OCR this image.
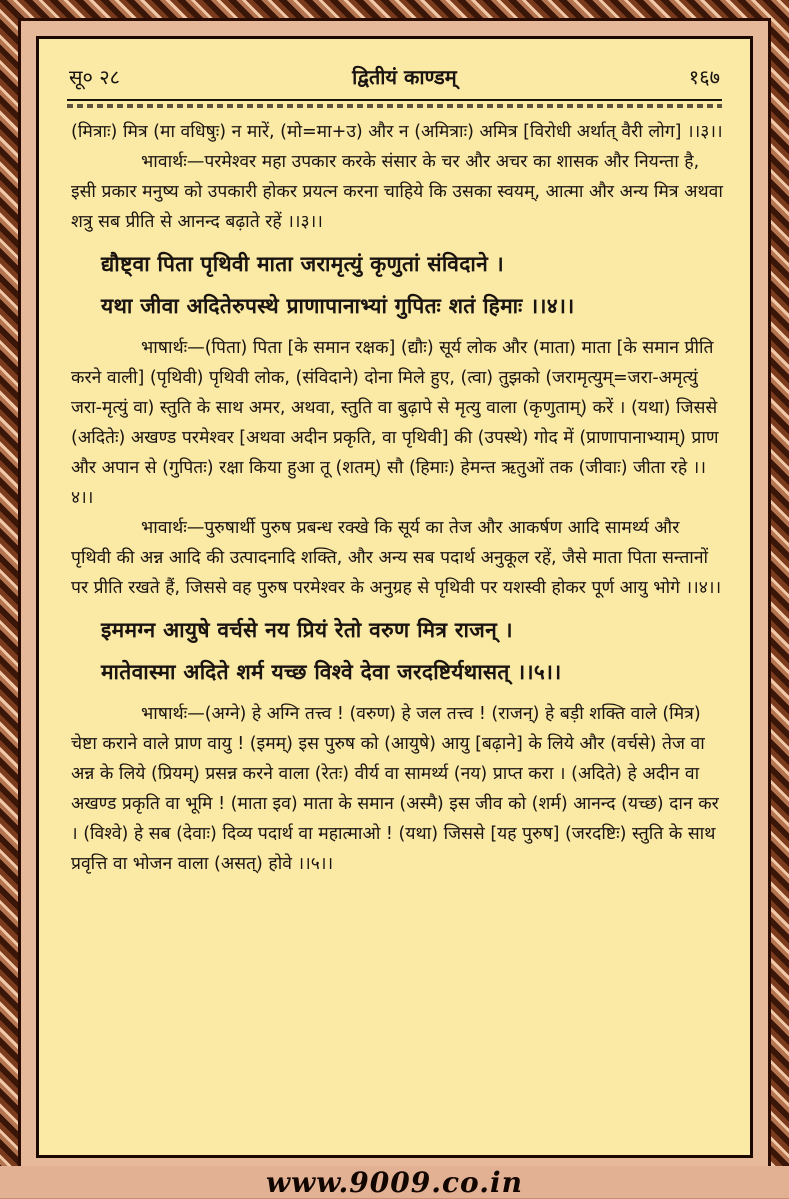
सू० २८	द्वितीयं काण्डम्	१६७

(मित्राः) मित्र (मा वधिषुः) न मारें, (मो=मा+उ) और न (अमित्राः) अमित्र [विरोधी अर्थात् वैरी लोग] ।।३।।

भावार्थः—परमेश्वर महा उपकार करके संसार के चर और अचर का शासक और नियन्ता है, इसी प्रकार मनुष्य को उपकारी होकर प्रयत्न करना चाहिये कि उसका स्वयम्, आत्मा और अन्य मित्र अथवा शत्रु सब प्रीति से आनन्द बढ़ाते रहें ।।३।।

द्यौष्ट्वा पिता पृथिवी माता जरामृत्युं कृणुतां संविदाने ।

यथा जीवा अदितेरुपस्थे प्राणापानाभ्यां गुपितः शतं हिमाः ।।४।।

भाषार्थः—(पिता) पिता [के समान रक्षक] (द्यौः) सूर्य लोक और (माता) माता [के समान प्रीति करने वाली] (पृथिवी) पृथिवी लोक, (संविदाने) दोना मिले हुए, (त्वा) तुझको (जरामृत्युम्=जरा-अमृत्युं जरा-मृत्युं वा) स्तुति के साथ अमर, अथवा, स्तुति वा बुढ़ापे से मृत्यु वाला (कृणुताम्) करें । (यथा) जिससे (अदितेः) अखण्ड परमेश्वर [अथवा अदीन प्रकृति, वा पृथिवी] की (उपस्थे) गोद में (प्राणापानाभ्याम्) प्राण और अपान से (गुपितः) रक्षा किया हुआ तू (शतम्) सौ (हिमाः) हेमन्त ऋतुओं तक (जीवाः) जीता रहे ।।४।।

भावार्थः—पुरुषार्थी पुरुष प्रबन्ध रक्खे कि सूर्य का तेज और आकर्षण आदि सामर्थ्य और पृथिवी की अन्न आदि की उत्पादनादि शक्ति, और अन्य सब पदार्थ अनुकूल रहें, जैसे माता पिता सन्तानों पर प्रीति रखते हैं, जिससे वह पुरुष परमेश्वर के अनुग्रह से पृथिवी पर यशस्वी होकर पूर्ण आयु भोगे ।।४।।

इममग्न आयुषे वर्चसे नय प्रियं रेतो वरुण मित्र राजन् ।

मातेवास्मा अदिते शर्म यच्छ विश्वे देवा जरदष्टिर्यथासत् ।।५।।

भाषार्थः—(अग्ने) हे अग्नि तत्त्व ! (वरुण) हे जल तत्त्व ! (राजन्) हे बड़ी शक्ति वाले (मित्र) चेष्टा कराने वाले प्राण वायु ! (इमम्) इस पुरुष को (आयुषे) आयु [बढ़ाने] के लिये और (वर्चसे) तेज वा अन्न के लिये (प्रियम्) प्रसन्न करने वाला (रेतः) वीर्य वा सामर्थ्य (नय) प्राप्त करा । (अदिते) हे अदीन वा अखण्ड प्रकृति वा भूमि ! (माता इव) माता के समान (अस्मै) इस जीव को (शर्म) आनन्द (यच्छ) दान कर । (विश्वे) हे सब (देवाः) दिव्य पदार्थ वा महात्माओ ! (यथा) जिससे [यह पुरुष] (जरदष्टिः) स्तुति के साथ प्रवृत्ति वा भोजन वाला (असत्) होवे ।।५।।

www.9009.co.in
